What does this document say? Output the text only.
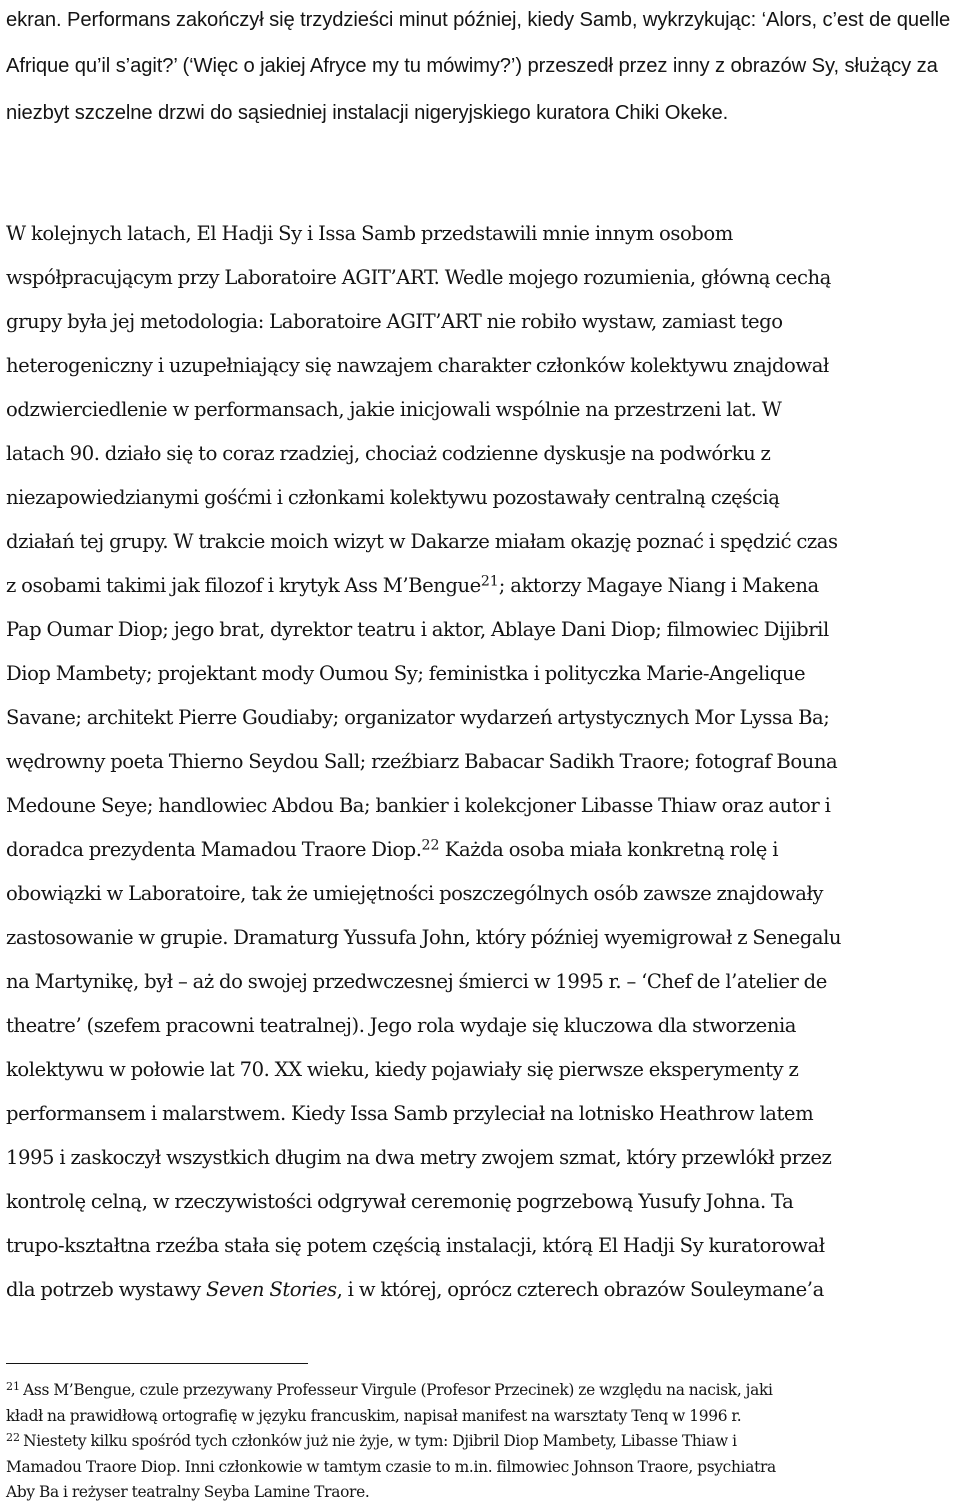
ekran. Performans zakończył się trzydzieści minut później, kiedy Samb, wykrzykując: ‘Alors, c’est de quelle Afrique qu’il s’agit?’ (‘Więc o jakiej Afryce my tu mówimy?’) przeszedł przez inny z obrazów Sy, służący za niezbyt szczelne drzwi do sąsiedniej instalacji nigeryjskiego kuratora Chiki Okeke.

W kolejnych latach, El Hadji Sy i Issa Samb przedstawili mnie innym osobom
współpracującym przy Laboratoire AGIT’ART. Wedle mojego rozumienia, główną cechą
grupy była jej metodologia: Laboratoire AGIT’ART nie robiło wystaw, zamiast tego
heterogeniczny i uzupełniający się nawzajem charakter członków kolektywu znajdował
odzwierciedlenie w performansach, jakie inicjowali wspólnie na przestrzeni lat. W
latach 90. działo się to coraz rzadziej, chociaż codzienne dyskusje na podwórku z
niezapowiedzianymi gośćmi i członkami kolektywu pozostawały centralną częścią
działań tej grupy. W trakcie moich wizyt w Dakarze miałam okazję poznać i spędzić czas
z osobami takimi jak filozof i krytyk Ass M’Bengue$^{21}$; aktorzy Magaye Niang i Makena
Pap Oumar Diop; jego brat, dyrektor teatru i aktor, Ablaye Dani Diop; filmowiec Dijibril
Diop Mambety; projektant mody Oumou Sy; feministka i polityczka Marie-Angelique
Savane; architekt Pierre Goudiaby; organizator wydarzeń artystycznych Mor Lyssa Ba;
wędrowny poeta Thierno Seydou Sall; rzeźbiarz Babacar Sadikh Traore; fotograf Bouna
Medoune Seye; handlowiec Abdou Ba; bankier i kolekcjoner Libasse Thiaw oraz autor i
doradca prezydenta Mamadou Traore Diop.$^{22}$ Każda osoba miała konkretną rolę i
obowiązki w Laboratoire, tak że umiejętności poszczególnych osób zawsze znajdowały
zastosowanie w grupie. Dramaturg Yussufa John, który później wyemigrował z Senegalu
na Martynikę, był – aż do swojej przedwczesnej śmierci w 1995 r. – ‘Chef de l’atelier de
theatre’ (szefem pracowni teatralnej). Jego rola wydaje się kluczowa dla stworzenia
kolektywu w połowie lat 70. XX wieku, kiedy pojawiały się pierwsze eksperymenty z
performansem i malarstwem. Kiedy Issa Samb przyleciał na lotnisko Heathrow latem
1995 i zaskoczył wszystkich długim na dwa metry zwojem szmat, który przewlókł przez
kontrolę celną, w rzeczywistości odgrywał ceremonię pogrzebową Yusufy Johna. Ta
trupo-kształtna rzeźba stała się potem częścią instalacji, którą El Hadji Sy kuratorował
dla potrzeb wystawy Seven Stories, i w której, oprócz czterech obrazów Souleymane’a

$^{21}$ Ass M’Bengue, czule przezywany Professeur Virgule (Profesor Przecinek) ze względu na nacisk, jaki
kładł na prawidłową ortografię w języku francuskim, napisał manifest na warsztaty Tenq w 1996 r.

$^{22}$ Niestety kilku spośród tych członków już nie żyje, w tym: Djibril Diop Mambety, Libasse Thiaw i
Mamadou Traore Diop. Inni członkowie w tamtym czasie to m.in. filmowiec Johnson Traore, psychiatra
Aby Ba i reżyser teatralny Seyba Lamine Traore.
